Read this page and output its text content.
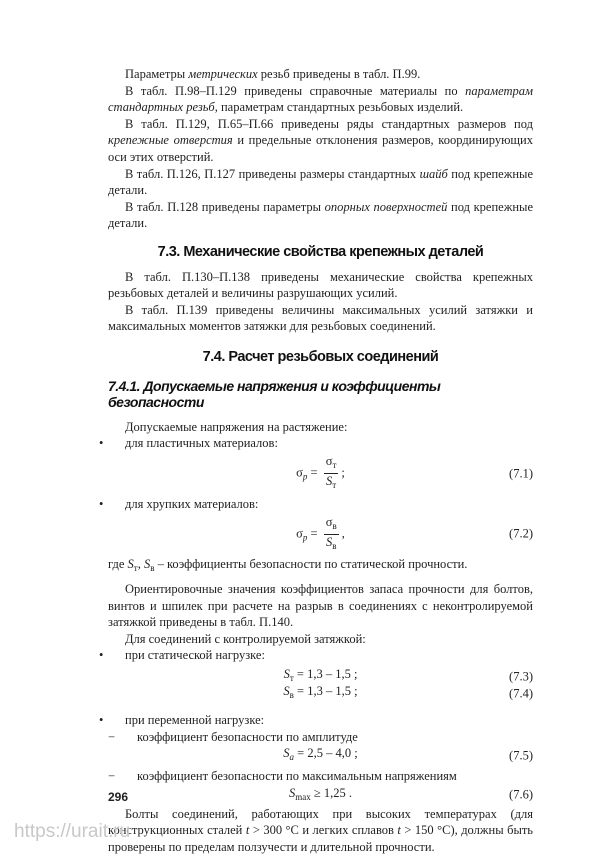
Параметры метрических резьб приведены в табл. П.99.

В табл. П.98–П.129 приведены справочные материалы по параметрам стандартных резьб, параметрам стандартных резьбовых изделий.

В табл. П.129, П.65–П.66 приведены ряды стандартных размеров под крепежные отверстия и предельные отклонения размеров, координирующих оси этих отверстий.

В табл. П.126, П.127 приведены размеры стандартных шайб под крепежные детали.

В табл. П.128 приведены параметры опорных поверхностей под крепежные детали.

7.3. Механические свойства крепежных деталей

В табл. П.130–П.138 приведены механические свойства крепежных резьбовых деталей и величины разрушающих усилий.

В табл. П.139 приведены величины максимальных усилий затяжки и максимальных моментов затяжки для резьбовых соединений.

7.4. Расчет резьбовых соединений
7.4.1. Допускаемые напряжения и коэффициенты безопасности

Допускаемые напряжения на растяжение:

• для пластичных материалов:
$\sigma_p = \frac{\sigma_т}{S_т}$ ;	(7.1)
• для хрупких материалов:
$\sigma_p = \frac{\sigma_в}{S_в}$ ,	(7.2)

где $S_т$, $S_в$ – коэффициенты безопасности по статической прочности.

Ориентировочные значения коэффициентов запаса прочности для болтов, винтов и шпилек при расчете на разрыв в соединениях с неконтролируемой затяжкой приведены в табл. П.140.

Для соединений с контролируемой затяжкой:

• при статической нагрузке:
$S_т = 1,3 - 1,5$ ;	(7.3)
$S_в = 1,3 - 1,5$ ;	(7.4)
• при переменной нагрузке:
− коэффициент безопасности по амплитуде
$S_a = 2,5 - 4,0$ ;	(7.5)
− коэффициент безопасности по максимальным напряжениям
$S_{max} \ge 1,25$ .	(7.6)

Болты соединений, работающих при высоких температурах (для конструкционных сталей t > 300 °С и легких сплавов t > 150 °С), должны быть проверены по пределам ползучести и длительной прочности.

296
https://urait.ru
